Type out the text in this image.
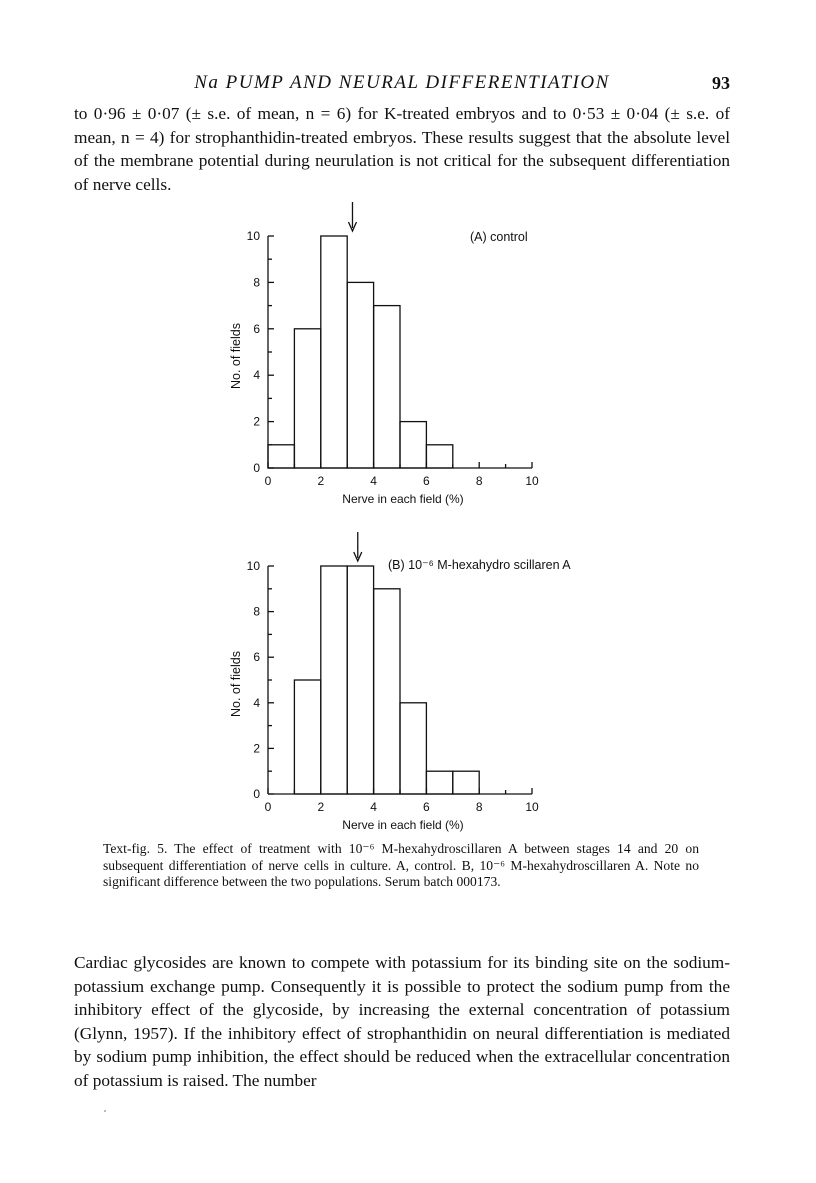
Na PUMP AND NEURAL DIFFERENTIATION	93

to 0·96 ± 0·07 (± s.e. of mean, n = 6) for K-treated embryos and to 0·53 ± 0·04 (± s.e. of mean, n = 4) for strophanthidin-treated embryos. These results suggest that the absolute level of the membrane potential during neurulation is not critical for the subsequent differentiation of nerve cells.

0
2
4
6
8
10
0	2	4	6	8	10
(A) control
Nerve in each field (%)
No. of fields
0
2
4
6
8
10
0	2	4	6	8	10
(B) 10⁻⁶ M-hexahydro scillaren A
Nerve in each field (%)
No. of fields

Text-fig. 5. The effect of treatment with 10⁻⁶ M-hexahydroscillaren A between stages 14 and 20 on subsequent differentiation of nerve cells in culture. A, control. B, 10⁻⁶ M-hexahydroscillaren A. Note no significant difference between the two populations. Serum batch 000173.

Cardiac glycosides are known to compete with potassium for its binding site on the sodium-potassium exchange pump. Consequently it is possible to protect the sodium pump from the inhibitory effect of the glycoside, by increasing the external concentration of potassium (Glynn, 1957). If the inhibitory effect of strophanthidin on neural differentiation is mediated by sodium pump inhibition, the effect should be reduced when the extracellular concentration of potassium is raised. The number
